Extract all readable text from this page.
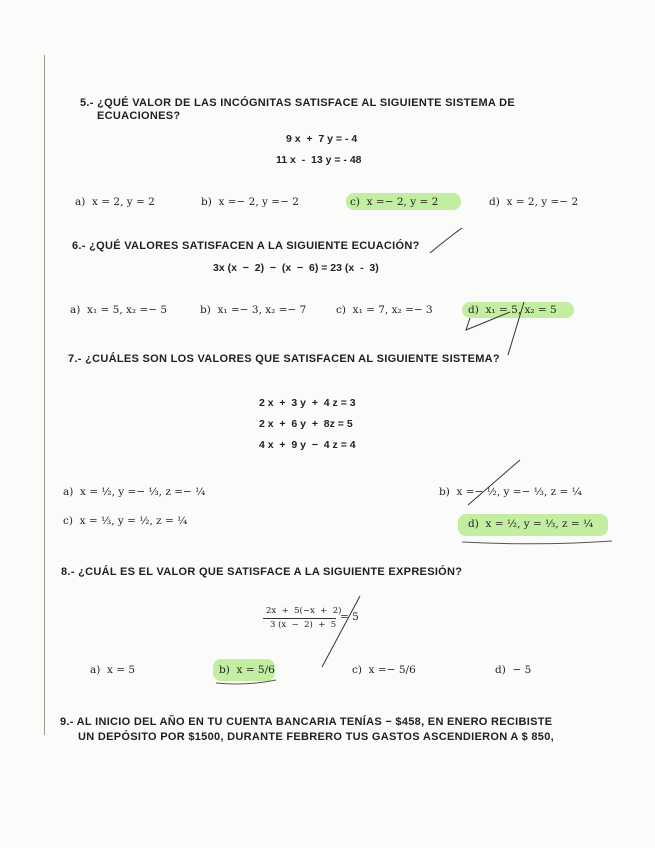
5.- ¿QUÉ VALOR DE LAS INCÓGNITAS SATISFACE AL SIGUIENTE SISTEMA DE
ECUACIONES?
9 x  +  7 y = - 4
11 x  -  13 y = - 48
a)  x = 2, y = 2	b)  x =− 2, y =− 2	c)  x =− 2, y = 2	d)  x = 2, y =− 2
6.- ¿QUÉ VALORES SATISFACEN A LA SIGUIENTE ECUACIÓN?
3x (x  −  2)  −  (x  −  6) = 23 (x  -  3)
a)  x₁ = 5, x₂ =− 5	b)  x₁ =− 3, x₂ =− 7	c)  x₁ = 7, x₂ =− 3	d)  x₁ = 5, x₂ = 5
7.- ¿CUÁLES SON LOS VALORES QUE SATISFACEN AL SIGUIENTE SISTEMA?
2 x  +  3 y  +  4 z = 3
2 x  +  6 y  +  8z = 5
4 x  +  9 y  −  4 z = 4
a)  x = ½, y =− ⅓, z =− ¼	b)  x =− ½, y =− ⅓, z = ¼
c)  x = ⅓, y = ½, z = ¼	d)  x = ½, y = ⅓, z = ¼
8.- ¿CUÁL ES EL VALOR QUE SATISFACE A LA SIGUIENTE EXPRESIÓN?
2x  +  5(−x  +  2)
3 (x  −  2)  +  5
= 5
a)  x = 5	b)  x = 5/6	c)  x =− 5/6	d)  − 5
9.- AL INICIO DEL AÑO EN TU CUENTA BANCARIA TENÍAS − $458, EN ENERO RECIBISTE
UN DEPÓSITO POR $1500, DURANTE FEBRERO TUS GASTOS ASCENDIERON A $ 850,
